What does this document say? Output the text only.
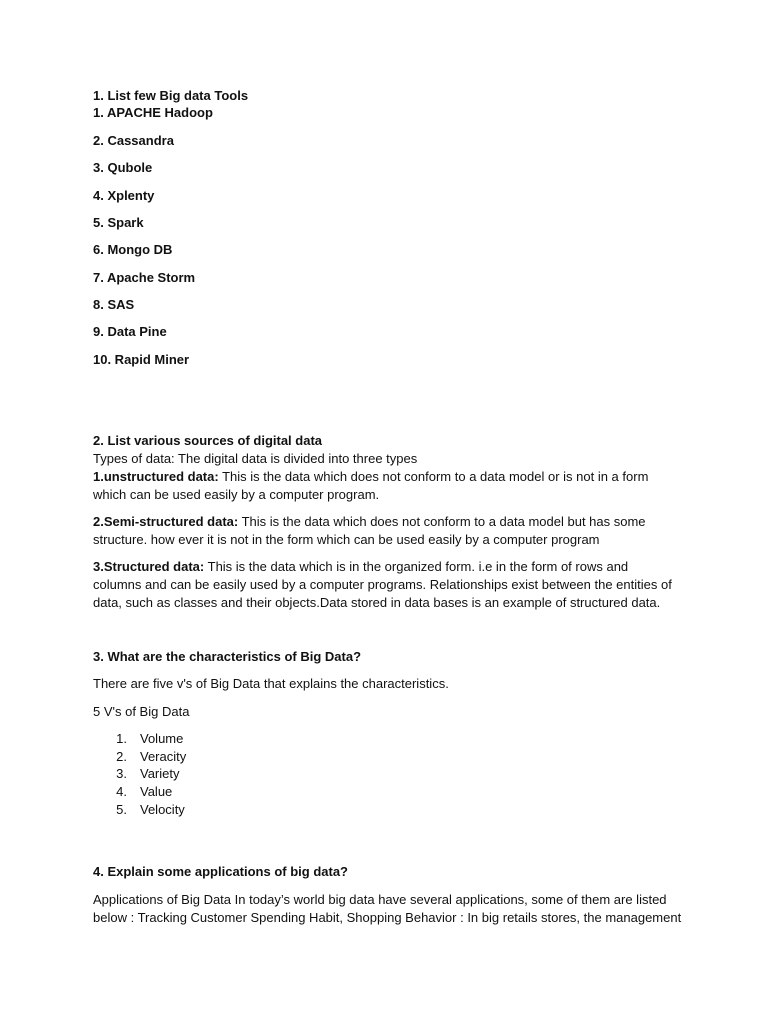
1. List few Big data Tools
1. APACHE Hadoop
2. Cassandra
3. Qubole
4. Xplenty
5. Spark
6. Mongo DB
7. Apache Storm
8. SAS
9. Data Pine
10. Rapid Miner
2. List various sources of digital data
Types of data: The digital data is divided into three types
1.unstructured data: This is the data which does not conform to a data model or is not in a form
which can be used easily by a computer program.
2.Semi-structured data: This is the data which does not conform to a data model but has some
structure. how ever it is not in the form which can be used easily by a computer program
3.Structured data: This is the data which is in the organized form. i.e in the form of rows and
columns and can be easily used by a computer programs. Relationships exist between the entities of
data, such as classes and their objects.Data stored in data bases is an example of structured data.
3. What are the characteristics of Big Data?
There are five v's of Big Data that explains the characteristics.
5 V's of Big Data
1. Volume
2. Veracity
3. Variety
4. Value
5. Velocity
4. Explain some applications of big data?
Applications of Big Data In today’s world big data have several applications, some of them are listed
below : Tracking Customer Spending Habit, Shopping Behavior : In big retails stores, the management
